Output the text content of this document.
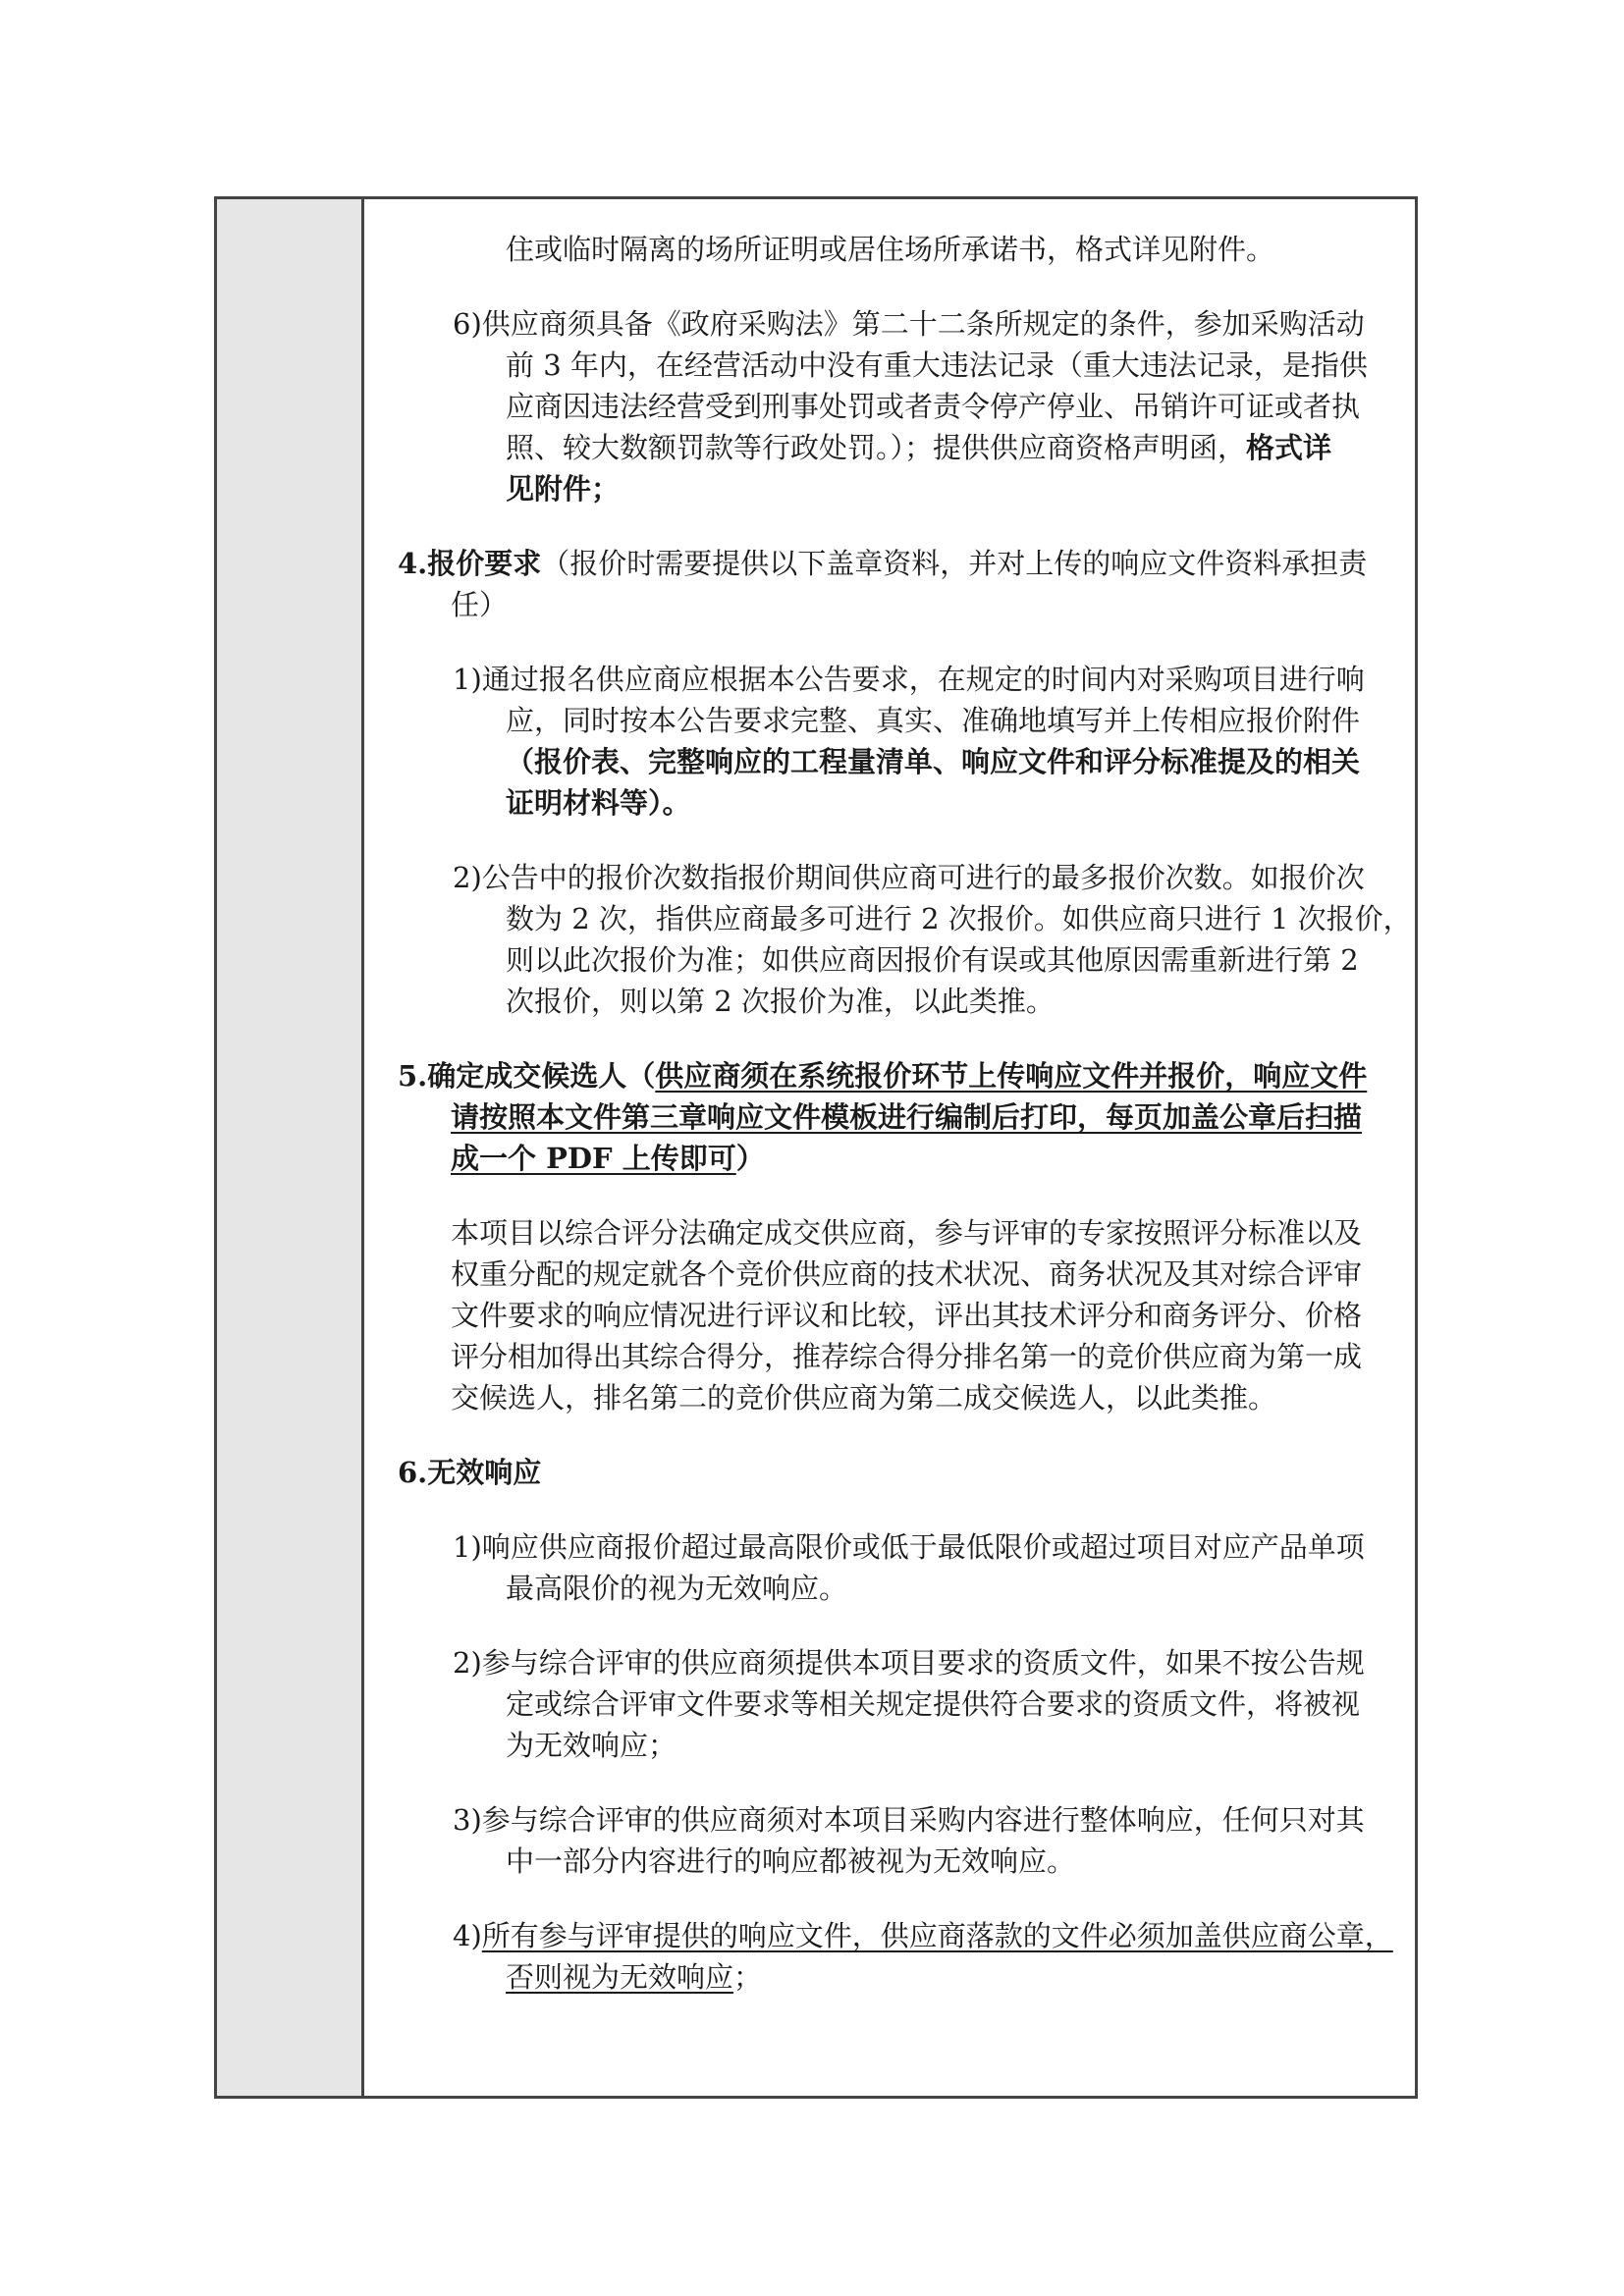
住或临时隔离的场所证明或居住场所承诺书，格式详见附件。
6)供应商须具备《政府采购法》第二十二条所规定的条件，参加采购活动
前 3 年内，在经营活动中没有重大违法记录（重大违法记录，是指供
应商因违法经营受到刑事处罚或者责令停产停业、吊销许可证或者执
照、较大数额罚款等行政处罚。）；提供供应商资格声明函，格式详
见附件；
4.报价要求（报价时需要提供以下盖章资料，并对上传的响应文件资料承担责
任）
1)通过报名供应商应根据本公告要求，在规定的时间内对采购项目进行响
应，同时按本公告要求完整、真实、准确地填写并上传相应报价附件
（报价表、完整响应的工程量清单、响应文件和评分标准提及的相关
证明材料等）。
2)公告中的报价次数指报价期间供应商可进行的最多报价次数。如报价次
数为 2 次，指供应商最多可进行 2 次报价。如供应商只进行 1 次报价，
则以此次报价为准；如供应商因报价有误或其他原因需重新进行第 2
次报价，则以第 2 次报价为准，以此类推。
5.确定成交候选人（供应商须在系统报价环节上传响应文件并报价，响应文件
请按照本文件第三章响应文件模板进行编制后打印，每页加盖公章后扫描
成一个 PDF 上传即可）
本项目以综合评分法确定成交供应商，参与评审的专家按照评分标准以及
权重分配的规定就各个竞价供应商的技术状况、商务状况及其对综合评审
文件要求的响应情况进行评议和比较，评出其技术评分和商务评分、价格
评分相加得出其综合得分，推荐综合得分排名第一的竞价供应商为第一成
交候选人，排名第二的竞价供应商为第二成交候选人，以此类推。
6.无效响应
1)响应供应商报价超过最高限价或低于最低限价或超过项目对应产品单项
最高限价的视为无效响应。
2)参与综合评审的供应商须提供本项目要求的资质文件，如果不按公告规
定或综合评审文件要求等相关规定提供符合要求的资质文件，将被视
为无效响应；
3)参与综合评审的供应商须对本项目采购内容进行整体响应，任何只对其
中一部分内容进行的响应都被视为无效响应。
4)所有参与评审提供的响应文件，供应商落款的文件必须加盖供应商公章，
否则视为无效响应；
